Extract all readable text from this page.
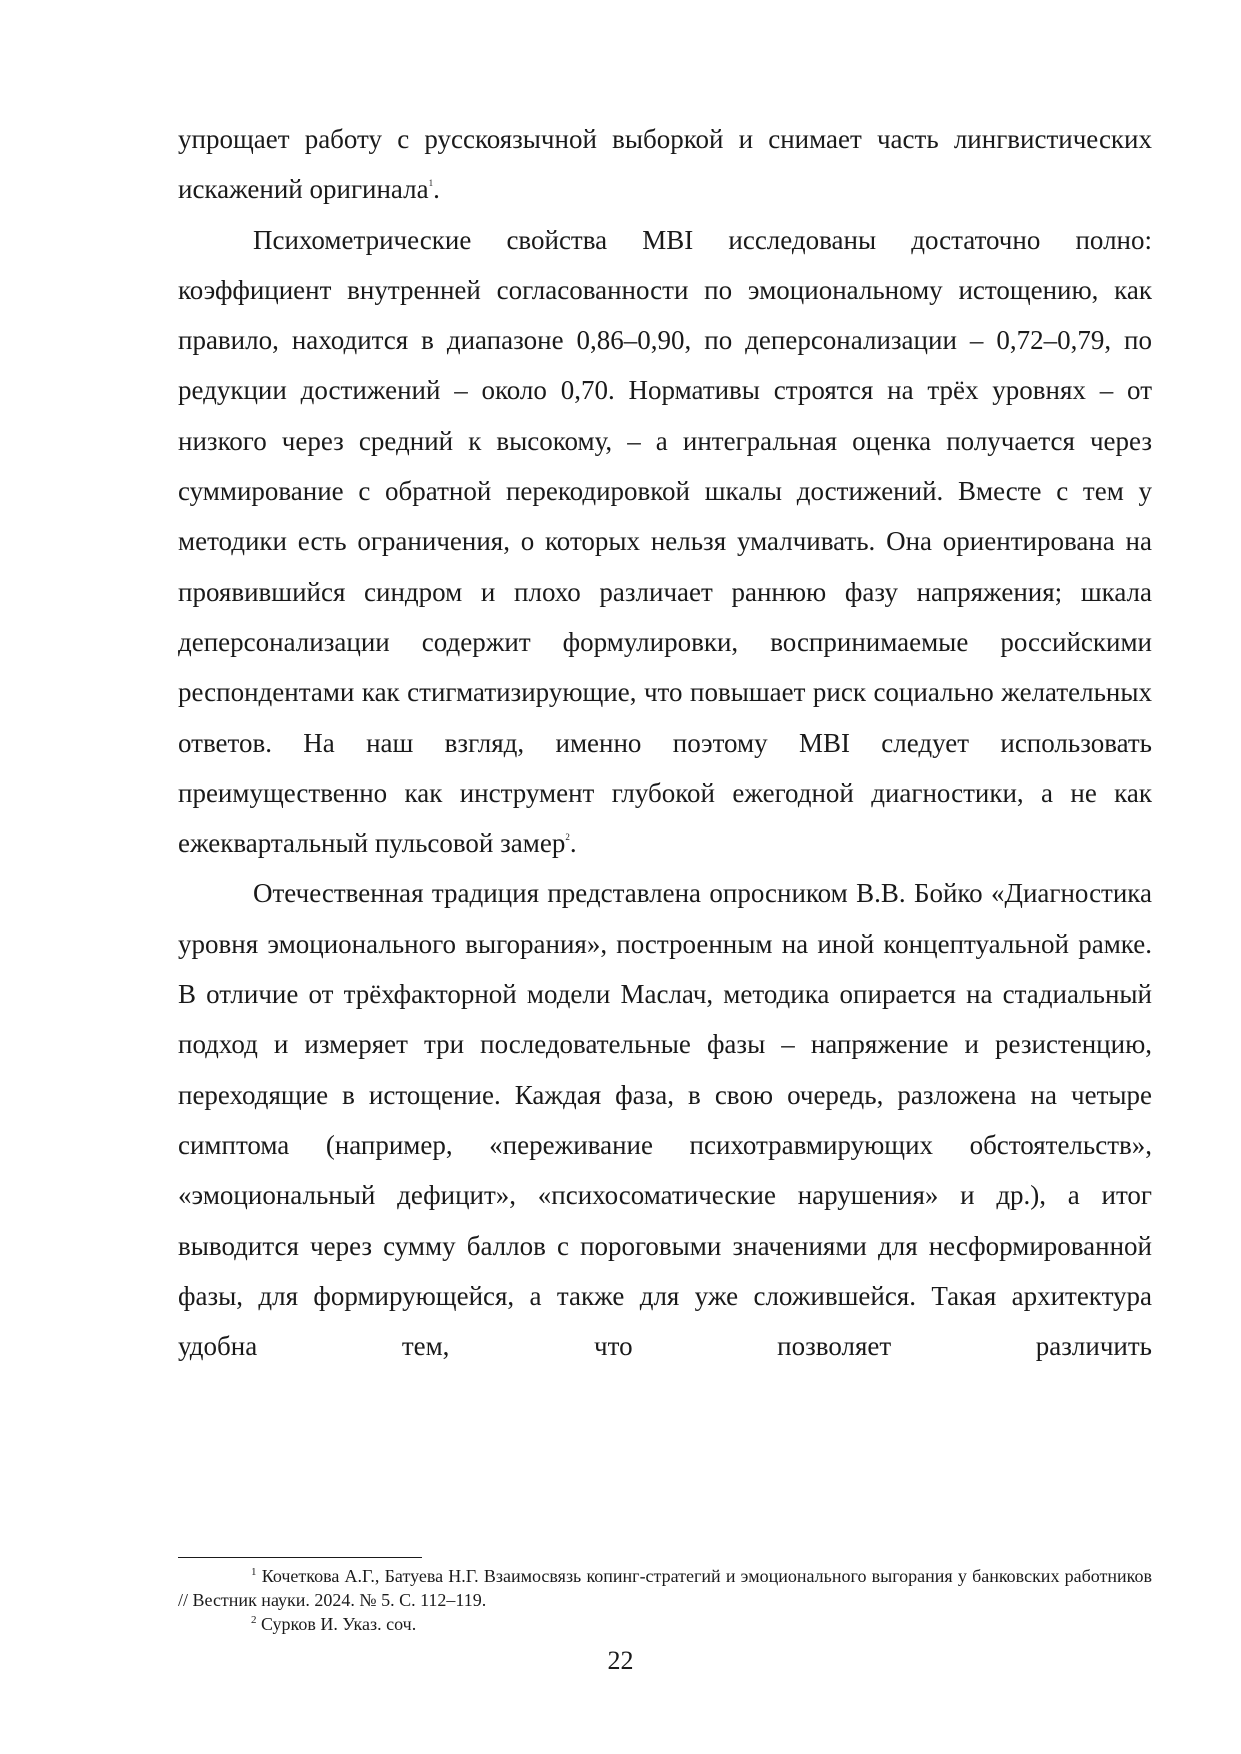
упрощает работу с русскоязычной выборкой и снимает часть лингвистических искажений оригинала$^1$.

Психометрические свойства MBI исследованы достаточно полно: коэффициент внутренней согласованности по эмоциональному истощению, как правило, находится в диапазоне 0,86–0,90, по деперсонализации – 0,72–0,79, по редукции достижений – около 0,70. Нормативы строятся на трёх уровнях – от низкого через средний к высокому, – а интегральная оценка получается через суммирование с обратной перекодировкой шкалы достижений. Вместе с тем у методики есть ограничения, о которых нельзя умалчивать. Она ориентирована на проявившийся синдром и плохо различает раннюю фазу напряжения; шкала деперсонализации содержит формулировки, воспринимаемые российскими респондентами как стигматизирующие, что повышает риск социально желательных ответов. На наш взгляд, именно поэтому MBI следует использовать преимущественно как инструмент глубокой ежегодной диагностики, а не как ежеквартальный пульсовой замер$^2$.

Отечественная традиция представлена опросником В.В. Бойко «Диагностика уровня эмоционального выгорания», построенным на иной концептуальной рамке. В отличие от трёхфакторной модели Маслач, методика опирается на стадиальный подход и измеряет три последовательные фазы – напряжение и резистенцию, переходящие в истощение. Каждая фаза, в свою очередь, разложена на четыре симптома (например, «переживание психотравмирующих обстоятельств», «эмоциональный дефицит», «психосоматические нарушения» и др.), а итог выводится через сумму баллов с пороговыми значениями для несформированной фазы, для формирующейся, а также для уже сложившейся. Такая архитектура удобна тем, что позволяет различить

$^1$ Кочеткова А.Г., Батуева Н.Г. Взаимосвязь копинг-стратегий и эмоционального выгорания у банковских работников // Вестник науки. 2024. № 5. С. 112–119.

$^2$ Сурков И. Указ. соч.

22
